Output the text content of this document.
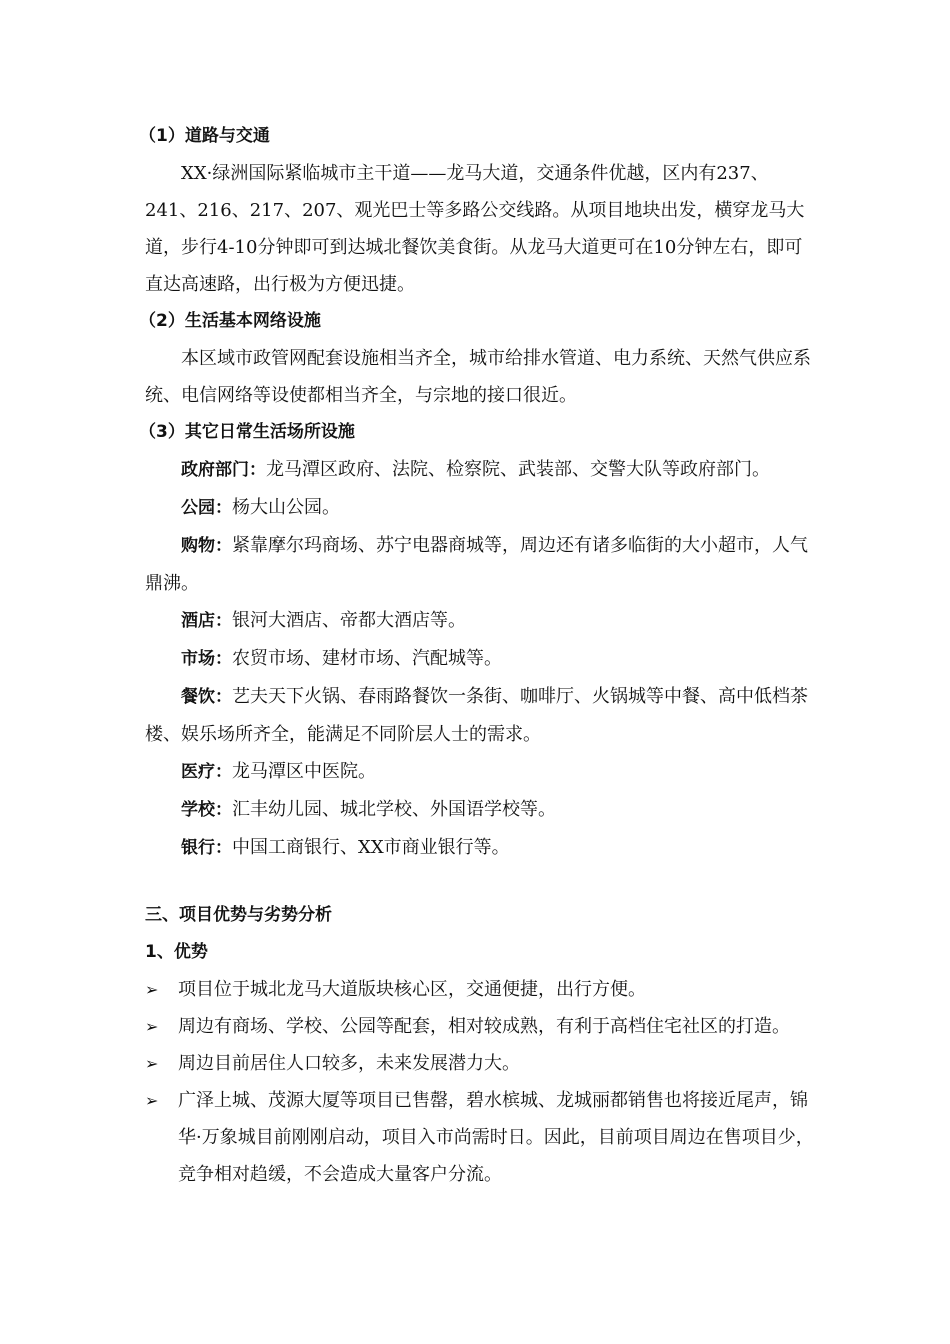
（1）道路与交通

XX·绿洲国际紧临城市主干道——龙马大道，交通条件优越，区内有237、241、216、217、207、观光巴士等多路公交线路。从项目地块出发，横穿龙马大道，步行4-10分钟即可到达城北餐饮美食街。从龙马大道更可在10分钟左右，即可直达高速路，出行极为方便迅捷。

（2）生活基本网络设施

本区域市政管网配套设施相当齐全，城市给排水管道、电力系统、天然气供应系统、电信网络等设使都相当齐全，与宗地的接口很近。

（3）其它日常生活场所设施

政府部门：龙马潭区政府、法院、检察院、武装部、交警大队等政府部门。

公园：杨大山公园。

购物：紧靠摩尔玛商场、苏宁电器商城等，周边还有诸多临街的大小超市，人气鼎沸。

酒店：银河大酒店、帝都大酒店等。

市场：农贸市场、建材市场、汽配城等。

餐饮：艺夫天下火锅、春雨路餐饮一条街、咖啡厅、火锅城等中餐、高中低档茶楼、娱乐场所齐全，能满足不同阶层人士的需求。

医疗：龙马潭区中医院。

学校：汇丰幼儿园、城北学校、外国语学校等。

银行：中国工商银行、XX市商业银行等。

三、项目优势与劣势分析
1、优势
➢ 项目位于城北龙马大道版块核心区，交通便捷，出行方便。
➢ 周边有商场、学校、公园等配套，相对较成熟，有利于高档住宅社区的打造。
➢ 周边目前居住人口较多，未来发展潜力大。
➢ 广泽上城、茂源大厦等项目已售罄，碧水槟城、龙城丽都销售也将接近尾声，锦华·万象城目前刚刚启动，项目入市尚需时日。因此，目前项目周边在售项目少，竞争相对趋缓，不会造成大量客户分流。
